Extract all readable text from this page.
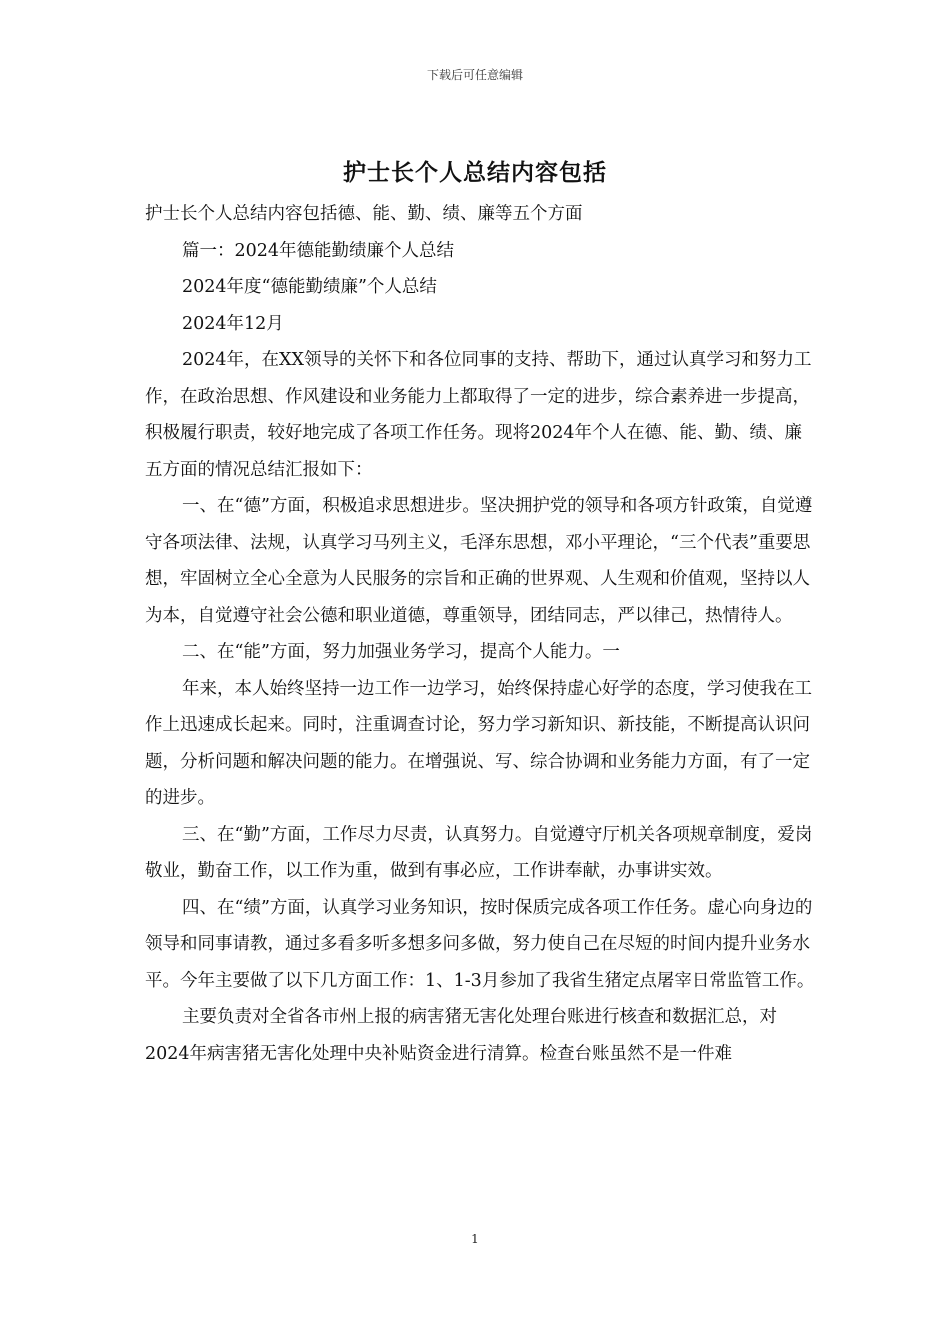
下载后可任意编辑
护士长个人总结内容包括

护士长个人总结内容包括德、能、勤、绩、廉等五个方面

篇一：2024年德能勤绩廉个人总结

2024年度“德能勤绩廉”个人总结

2024年12月

2024年，在XX领导的关怀下和各位同事的支持、帮助下，通过认真学习和努力工作，在政治思想、作风建设和业务能力上都取得了一定的进步，综合素养进一步提高，积极履行职责，较好地完成了各项工作任务。现将2024年个人在德、能、勤、绩、廉五方面的情况总结汇报如下：

一、在“德”方面，积极追求思想进步。坚决拥护党的领导和各项方针政策，自觉遵守各项法律、法规，认真学习马列主义，毛泽东思想，邓小平理论，“三个代表”重要思想，牢固树立全心全意为人民服务的宗旨和正确的世界观、人生观和价值观，坚持以人为本，自觉遵守社会公德和职业道德，尊重领导，团结同志，严以律己，热情待人。

二、在“能”方面，努力加强业务学习，提高个人能力。一

年来，本人始终坚持一边工作一边学习，始终保持虚心好学的态度，学习使我在工作上迅速成长起来。同时，注重调查讨论，努力学习新知识、新技能，不断提高认识问题，分析问题和解决问题的能力。在增强说、写、综合协调和业务能力方面，有了一定的进步。

三、在“勤”方面，工作尽力尽责，认真努力。自觉遵守厅机关各项规章制度，爱岗敬业，勤奋工作，以工作为重，做到有事必应，工作讲奉献，办事讲实效。

四、在“绩”方面，认真学习业务知识，按时保质完成各项工作任务。虚心向身边的领导和同事请教，通过多看多听多想多问多做，努力使自己在尽短的时间内提升业务水平。今年主要做了以下几方面工作：1、1-3月参加了我省生猪定点屠宰日常监管工作。

主要负责对全省各市州上报的病害猪无害化处理台账进行核查和数据汇总，对2024年病害猪无害化处理中央补贴资金进行清算。检查台账虽然不是一件难

1
